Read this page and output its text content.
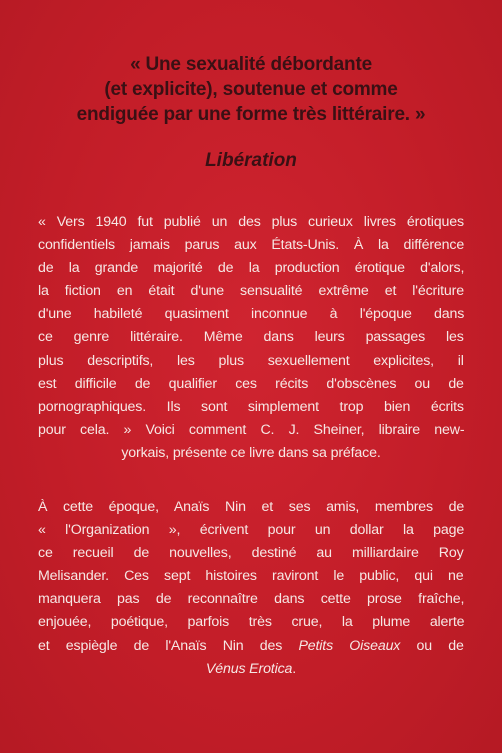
« Une sexualité débordante
(et explicite), soutenue et comme
endiguée par une forme très littéraire. »
Libération
« Vers 1940 fut publié un des plus curieux livres érotiques
confidentiels jamais parus aux États-Unis. À la différence
de la grande majorité de la production érotique d'alors,
la fiction en était d'une sensualité extrême et l'écriture
d'une habileté quasiment inconnue à l'époque dans
ce genre littéraire. Même dans leurs passages les
plus descriptifs, les plus sexuellement explicites, il
est difficile de qualifier ces récits d'obscènes ou de
pornographiques. Ils sont simplement trop bien écrits
pour cela. » Voici comment C. J. Sheiner, libraire new-
yorkais, présente ce livre dans sa préface.
À cette époque, Anaïs Nin et ses amis, membres de
« l'Organization », écrivent pour un dollar la page
ce recueil de nouvelles, destiné au milliardaire Roy
Melisander. Ces sept histoires raviront le public, qui ne
manquera pas de reconnaître dans cette prose fraîche,
enjouée, poétique, parfois très crue, la plume alerte
et espiègle de l'Anaïs Nin des Petits Oiseaux ou de
Vénus Erotica.
